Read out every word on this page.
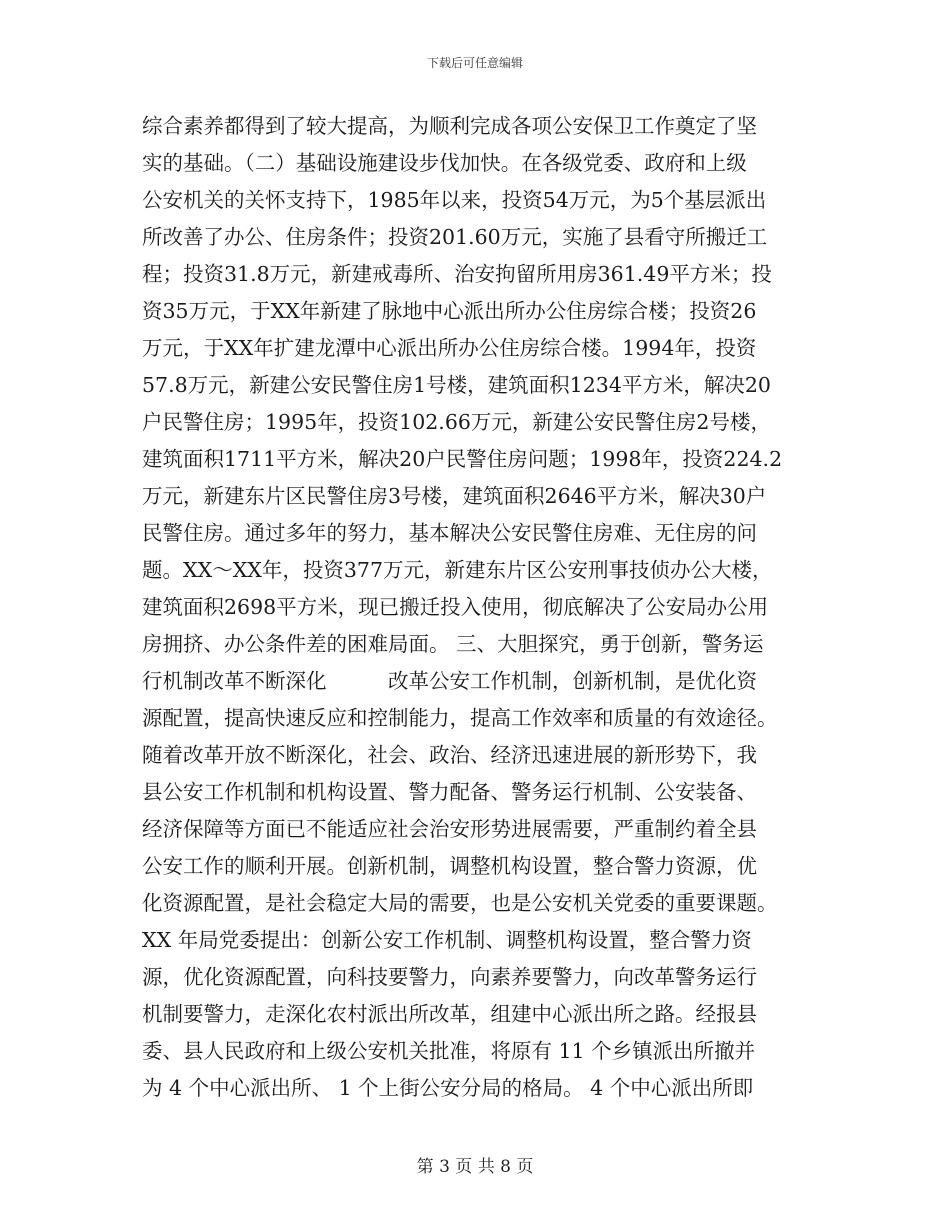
下载后可任意编辑
综合素养都得到了较大提高，为顺利完成各项公安保卫工作奠定了坚
实的基础。（二）基础设施建设步伐加快。在各级党委、政府和上级
公安机关的关怀支持下，1985年以来，投资54万元，为5个基层派出
所改善了办公、住房条件；投资201.60万元，实施了县看守所搬迁工
程；投资31.8万元，新建戒毒所、治安拘留所用房361.49平方米；投
资35万元，于XX年新建了脉地中心派出所办公住房综合楼；投资26
万元，于XX年扩建龙潭中心派出所办公住房综合楼。1994年，投资
57.8万元，新建公安民警住房1号楼，建筑面积1234平方米，解决20
户民警住房；1995年，投资102.66万元，新建公安民警住房2号楼，
建筑面积1711平方米，解决20户民警住房问题；1998年，投资224.2
万元，新建东片区民警住房3号楼，建筑面积2646平方米，解决30户
民警住房。通过多年的努力，基本解决公安民警住房难、无住房的问
题。XX～XX年，投资377万元，新建东片区公安刑事技侦办公大楼，
建筑面积2698平方米，现已搬迁投入使用，彻底解决了公安局办公用
房拥挤、办公条件差的困难局面。 三、大胆探究，勇于创新，警务运
行机制改革不断深化　　　改革公安工作机制，创新机制，是优化资
源配置，提高快速反应和控制能力，提高工作效率和质量的有效途径。
随着改革开放不断深化，社会、政治、经济迅速进展的新形势下，我
县公安工作机制和机构设置、警力配备、警务运行机制、公安装备、
经济保障等方面已不能适应社会治安形势进展需要，严重制约着全县
公安工作的顺利开展。创新机制，调整机构设置，整合警力资源，优
化资源配置，是社会稳定大局的需要，也是公安机关党委的重要课题。
XX 年局党委提出：创新公安工作机制、调整机构设置，整合警力资
源，优化资源配置，向科技要警力，向素养要警力，向改革警务运行
机制要警力，走深化农村派出所改革，组建中心派出所之路。经报县
委、县人民政府和上级公安机关批准，将原有 11 个乡镇派出所撤并
为 4 个中心派出所、 1 个上街公安分局的格局。 4 个中心派出所即
第 3 页 共 8 页
